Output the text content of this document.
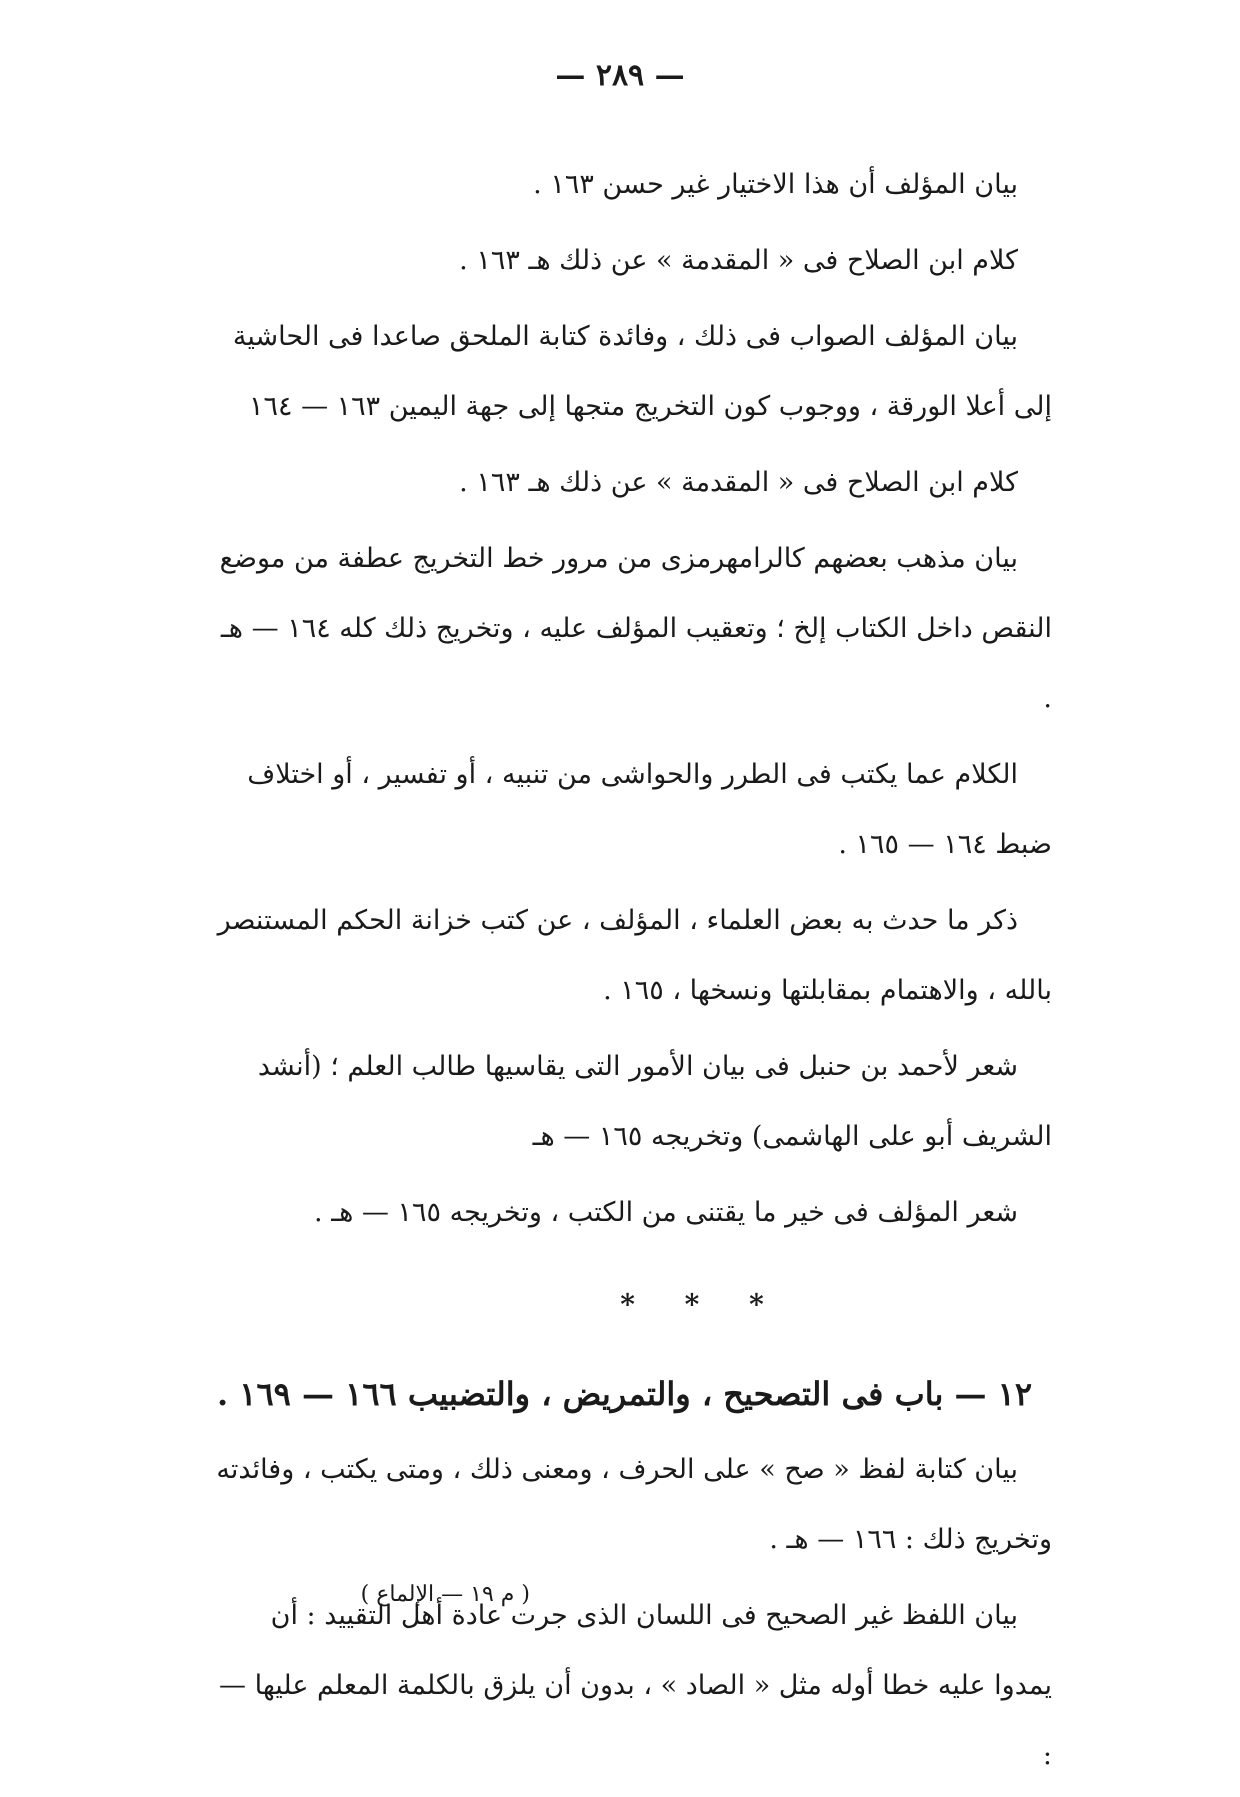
— ٢٨٩ —

بيان المؤلف أن هذا الاختيار غير حسن ١٦٣ .

كلام ابن الصلاح فى « المقدمة » عن ذلك هـ ١٦٣ .

بيان المؤلف الصواب فى ذلك ، وفائدة كتابة الملحق صاعدا فى الحاشية إلى أعلا الورقة ، ووجوب كون التخريج متجها إلى جهة اليمين ١٦٣ — ١٦٤

كلام ابن الصلاح فى « المقدمة » عن ذلك هـ ١٦٣ .

بيان مذهب بعضهم كالرامهرمزى من مرور خط التخريج عطفة من موضع النقص داخل الكتاب إلخ ؛ وتعقيب المؤلف عليه ، وتخريج ذلك كله ١٦٤ — هـ .

الكلام عما يكتب فى الطرر والحواشى من تنبيه ، أو تفسير ، أو اختلاف ضبط ١٦٤ — ١٦٥ .

ذكر ما حدث به بعض العلماء ، المؤلف ، عن كتب خزانة الحكم المستنصر بالله ، والاهتمام بمقابلتها ونسخها ، ١٦٥ .

شعر لأحمد بن حنبل فى بيان الأمور التى يقاسيها طالب العلم ؛ (أنشد الشريف أبو على الهاشمى) وتخريجه ١٦٥ — هـ

شعر المؤلف فى خير ما يقتنى من الكتب ، وتخريجه ١٦٥ — هـ .

* * *

١٢ — باب فى التصحيح ، والتمريض ، والتضبيب ١٦٦ — ١٦٩ .

بيان كتابة لفظ « صح » على الحرف ، ومعنى ذلك ، ومتى يكتب ، وفائدته وتخريج ذلك : ١٦٦ — هـ .

بيان اللفظ غير الصحيح فى اللسان الذى جرت عادة أهل التقييد : أن يمدوا عليه خطا أوله مثل « الصاد » ، بدون أن يلزق بالكلمة المعلم عليها — :

( م ١٩ — الإلماع )
